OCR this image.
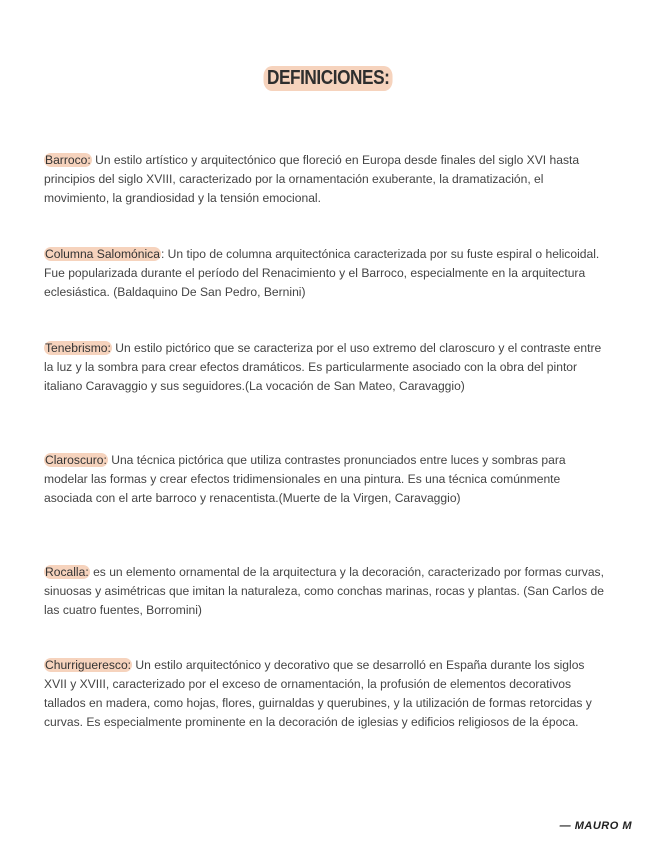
DEFINICIONES:
Barroco: Un estilo artístico y arquitectónico que floreció en Europa desde finales del siglo XVI hasta principios del siglo XVIII, caracterizado por la ornamentación exuberante, la dramatización, el movimiento, la grandiosidad y la tensión emocional.
Columna Salomónica: Un tipo de columna arquitectónica caracterizada por su fuste espiral o helicoidal. Fue popularizada durante el período del Renacimiento y el Barroco, especialmente en la arquitectura eclesiástica. (Baldaquino De San Pedro, Bernini)
Tenebrismo: Un estilo pictórico que se caracteriza por el uso extremo del claroscuro y el contraste entre la luz y la sombra para crear efectos dramáticos. Es particularmente asociado con la obra del pintor italiano Caravaggio y sus seguidores.(La vocación de San Mateo, Caravaggio)
Claroscuro: Una técnica pictórica que utiliza contrastes pronunciados entre luces y sombras para modelar las formas y crear efectos tridimensionales en una pintura. Es una técnica comúnmente asociada con el arte barroco y renacentista.(Muerte de la Virgen, Caravaggio)
Rocalla: es un elemento ornamental de la arquitectura y la decoración, caracterizado por formas curvas, sinuosas y asimétricas que imitan la naturaleza, como conchas marinas, rocas y plantas. (San Carlos de las cuatro fuentes, Borromini)
Churrigueresco: Un estilo arquitectónico y decorativo que se desarrolló en España durante los siglos XVII y XVIII, caracterizado por el exceso de ornamentación, la profusión de elementos decorativos tallados en madera, como hojas, flores, guirnaldas y querubines, y la utilización de formas retorcidas y curvas. Es especialmente prominente en la decoración de iglesias y edificios religiosos de la época.
— MAURO M
